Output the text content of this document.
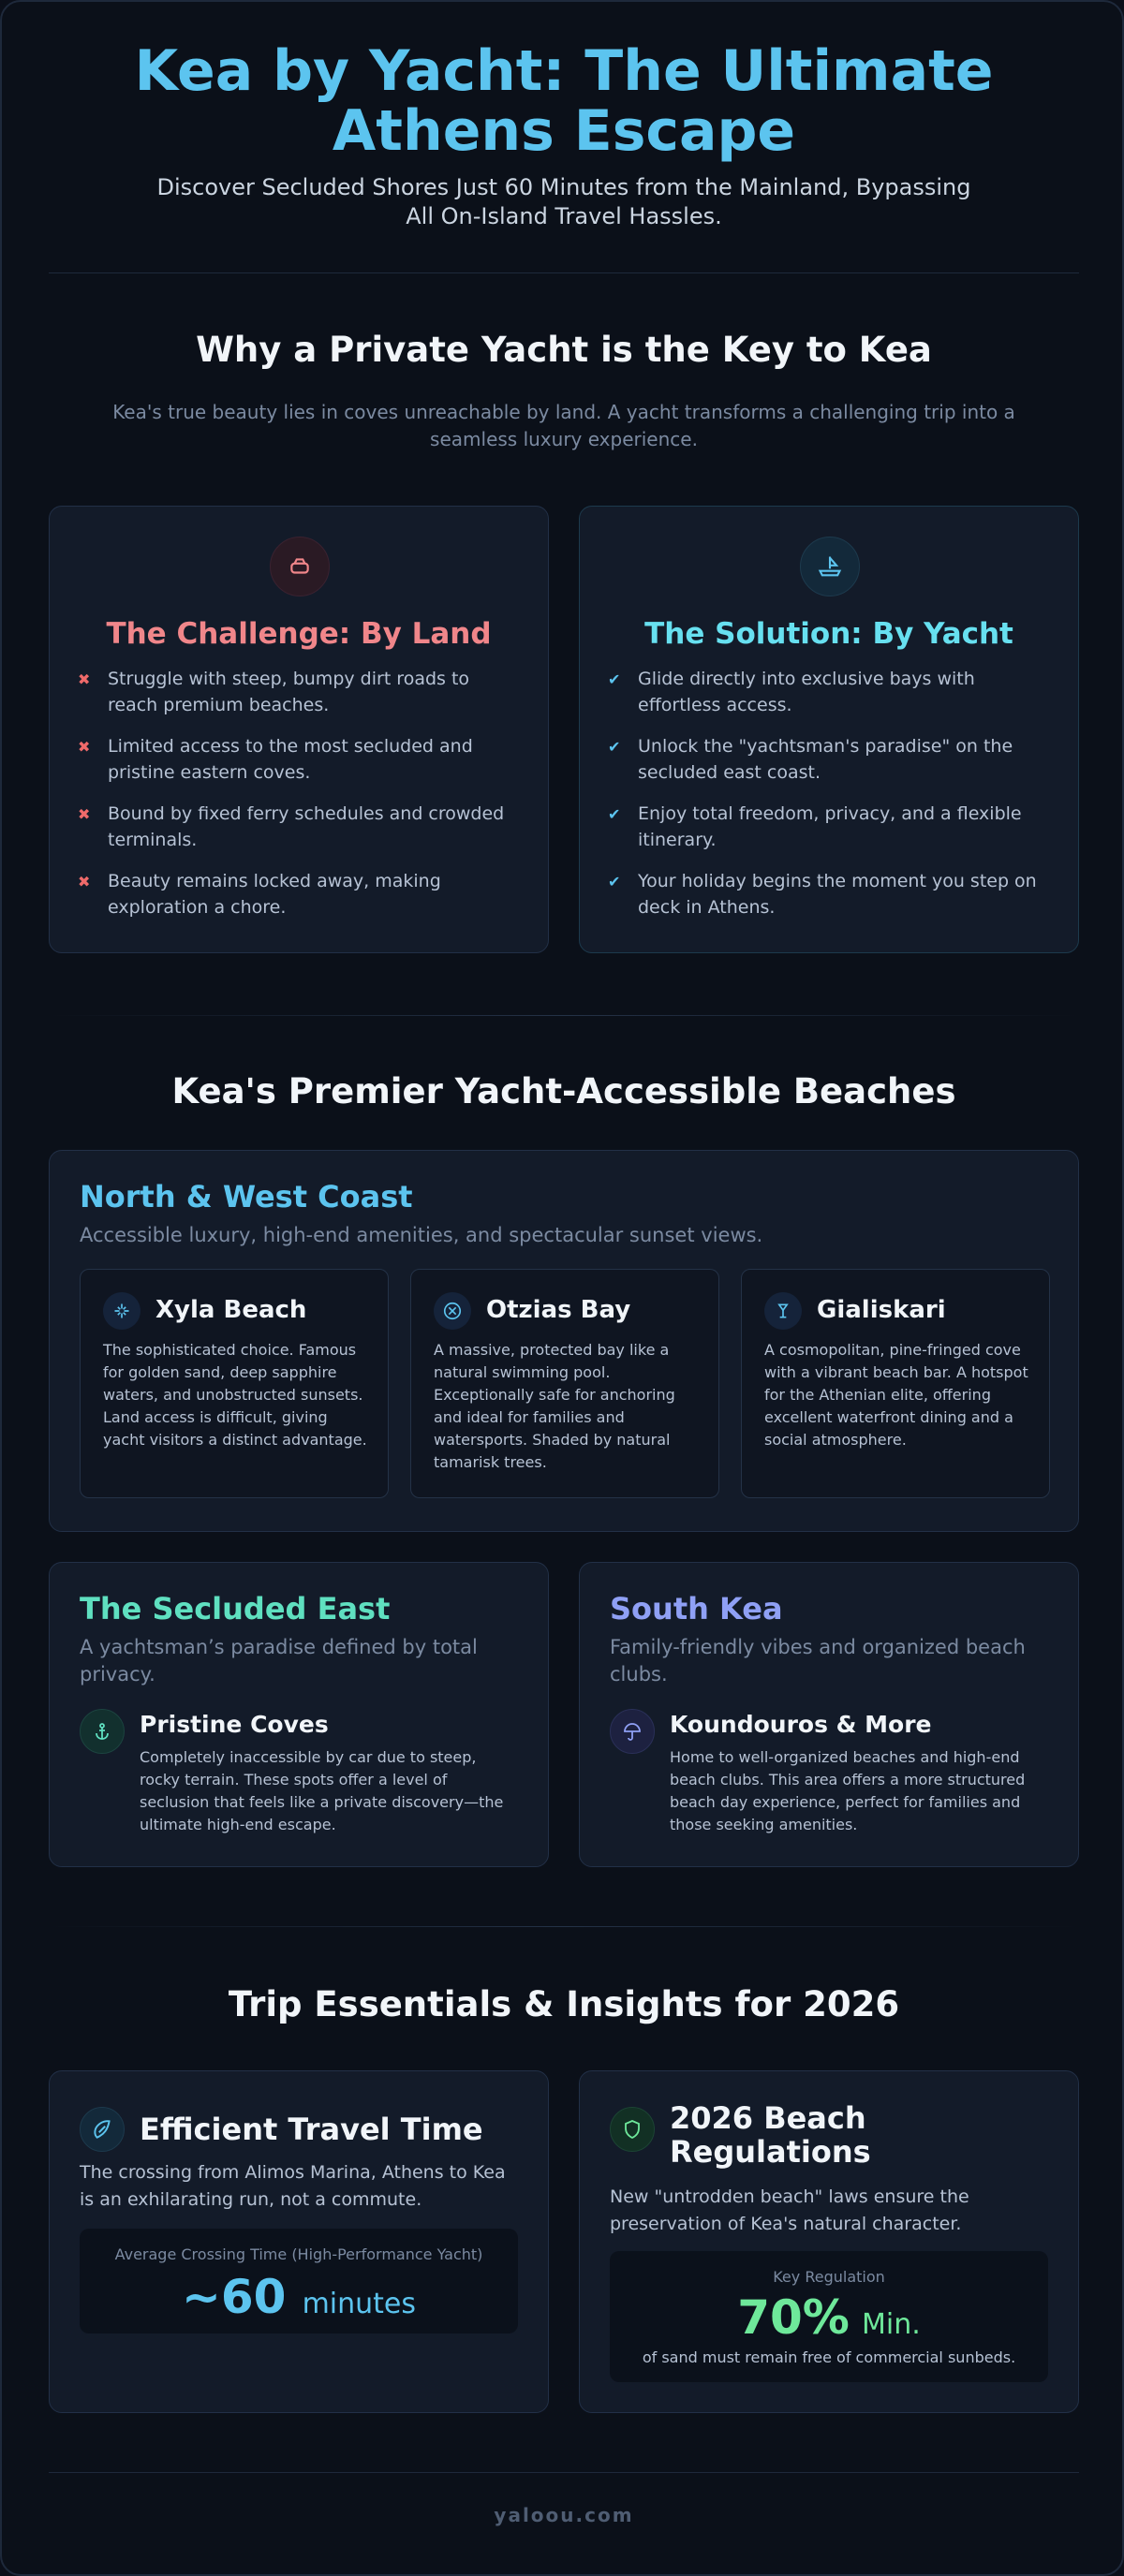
Kea by Yacht: The Ultimate Athens Escape

Discover Secluded Shores Just 60 Minutes from the Mainland, Bypassing All On-Island Travel Hassles.

Why a Private Yacht is the Key to Kea

Kea's true beauty lies in coves unreachable by land. A yacht transforms a challenging trip into a seamless luxury experience.

The Challenge: By Land
✖ Struggle with steep, bumpy dirt roads to reach premium beaches.
✖ Limited access to the most secluded and pristine eastern coves.
✖ Bound by fixed ferry schedules and crowded terminals.
✖ Beauty remains locked away, making exploration a chore.
The Solution: By Yacht
✔ Glide directly into exclusive bays with effortless access.
✔ Unlock the "yachtsman's paradise" on the secluded east coast.
✔ Enjoy total freedom, privacy, and a flexible itinerary.
✔ Your holiday begins the moment you step on deck in Athens.
Kea's Premier Yacht-Accessible Beaches
North & West Coast

Accessible luxury, high-end amenities, and spectacular sunset views.

Xyla Beach

The sophisticated choice. Famous for golden sand, deep sapphire waters, and unobstructed sunsets. Land access is difficult, giving yacht visitors a distinct advantage.

Otzias Bay

A massive, protected bay like a natural swimming pool. Exceptionally safe for anchoring and ideal for families and watersports. Shaded by natural tamarisk trees.

Gialiskari

A cosmopolitan, pine-fringed cove with a vibrant beach bar. A hotspot for the Athenian elite, offering excellent waterfront dining and a social atmosphere.

The Secluded East

A yachtsman’s paradise defined by total privacy.

Pristine Coves

Completely inaccessible by car due to steep, rocky terrain. These spots offer a level of seclusion that feels like a private discovery—the ultimate high-end escape.

South Kea

Family-friendly vibes and organized beach clubs.

Koundouros & More

Home to well-organized beaches and high-end beach clubs. This area offers a more structured beach day experience, perfect for families and those seeking amenities.

Trip Essentials & Insights for 2026
Efficient Travel Time

The crossing from Alimos Marina, Athens to Kea is an exhilarating run, not a commute.

Average Crossing Time (High-Performance Yacht)
~60 minutes
2026 Beach Regulations

New "untrodden beach" laws ensure the preservation of Kea's natural character.

Key Regulation
70% Min.
of sand must remain free of commercial sunbeds.
yaloou.com
